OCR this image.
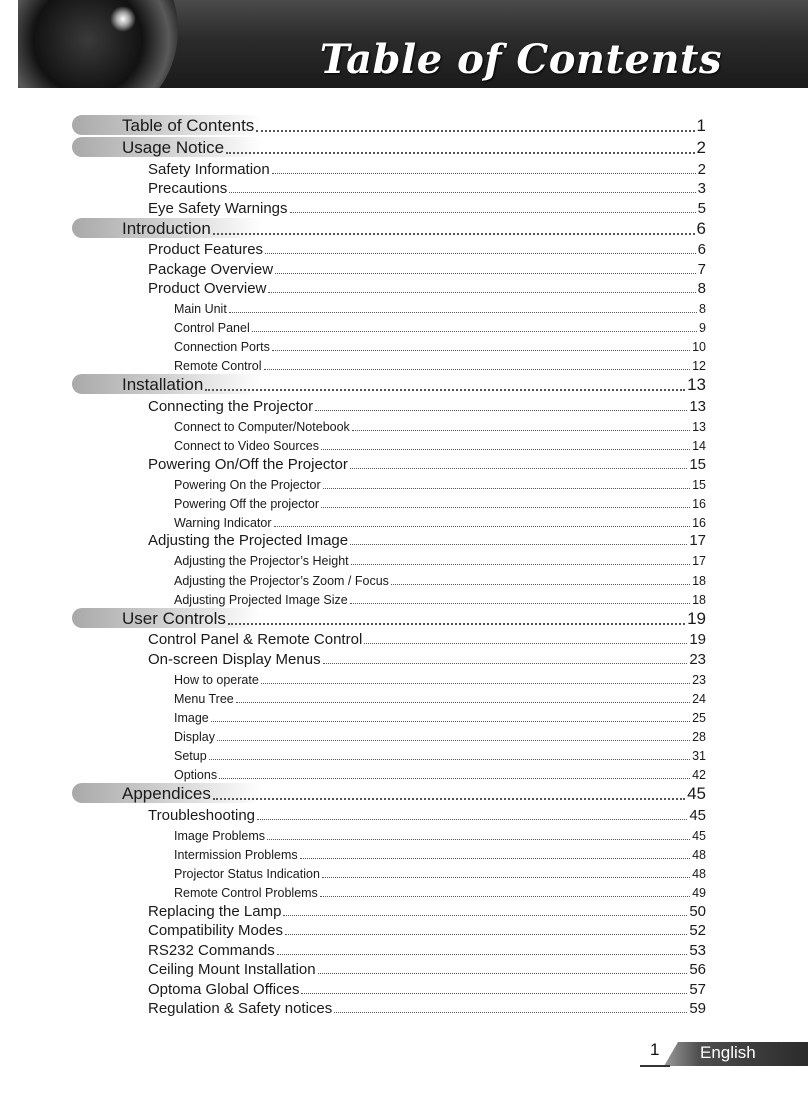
Table of Contents
Table of Contents	1
Usage Notice	2
Safety Information	2
Precautions	3
Eye Safety Warnings	5
Introduction	6
Product Features	6
Package Overview	7
Product Overview	8
Main Unit	8
Control Panel	9
Connection Ports	10
Remote Control	12
Installation	13
Connecting the Projector	13
Connect to Computer/Notebook	13
Connect to Video Sources	14
Powering On/Off the Projector	15
Powering On the Projector	15
Powering Off the projector	16
Warning Indicator	16
Adjusting the Projected Image	17
Adjusting the Projector’s Height	17
Adjusting the Projector’s Zoom / Focus	18
Adjusting Projected Image Size	18
User Controls	19
Control Panel & Remote Control	19
On-screen Display Menus	23
How to operate	23
Menu Tree	24
Image	25
Display	28
Setup	31
Options	42
Appendices	45
Troubleshooting	45
Image Problems	45
Intermission Problems	48
Projector Status Indication	48
Remote Control Problems	49
Replacing the Lamp	50
Compatibility Modes	52
RS232 Commands	53
Ceiling Mount Installation	56
Optoma Global Offices	57
Regulation & Safety notices	59
1 English
